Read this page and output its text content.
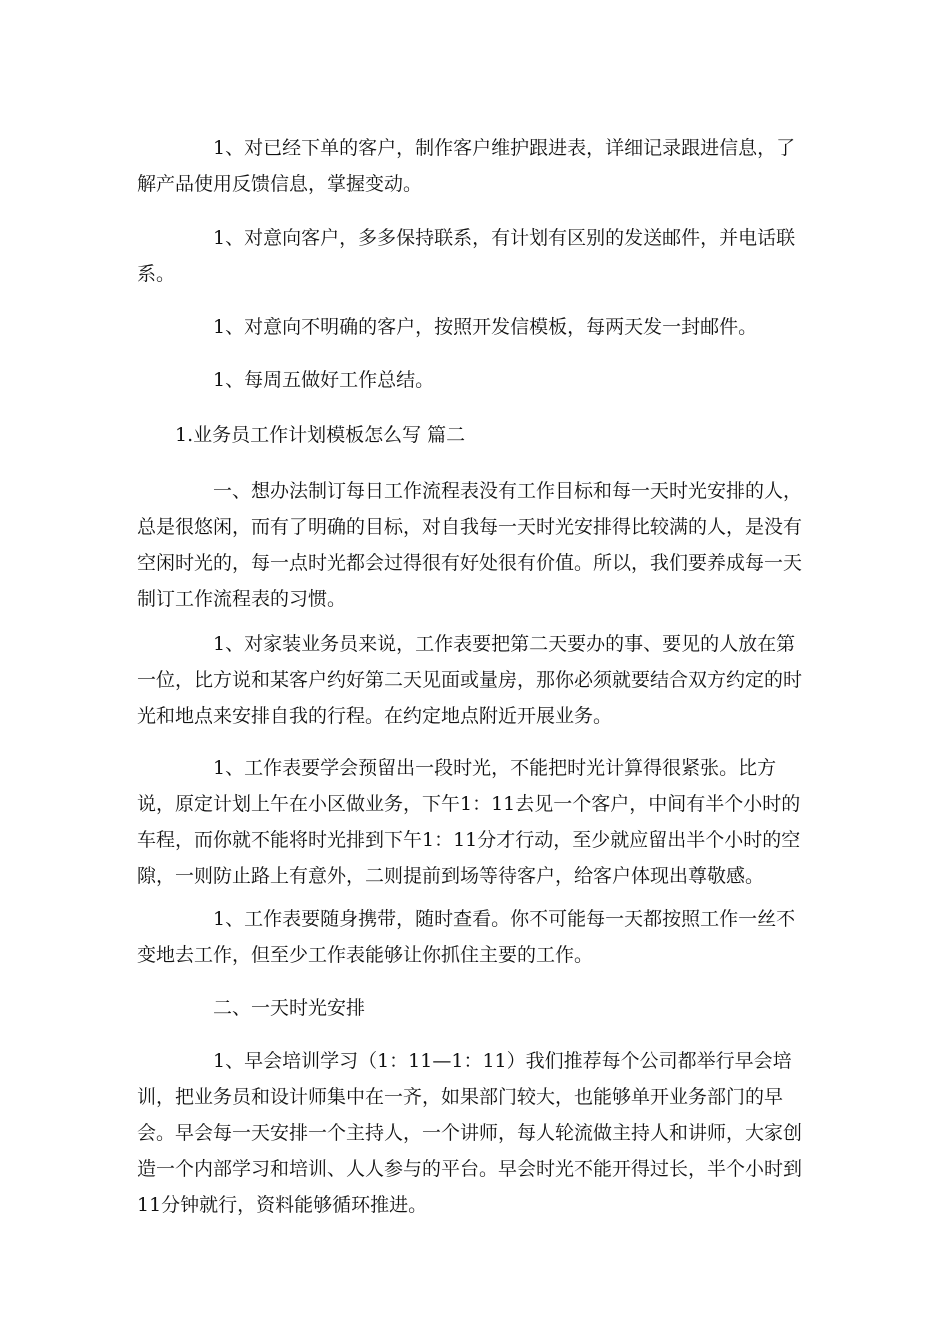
1、对已经下单的客户，制作客户维护跟进表，详细记录跟进信息，了解产品使用反馈信息，掌握变动。

1、对意向客户，多多保持联系，有计划有区别的发送邮件，并电话联系。

1、对意向不明确的客户，按照开发信模板，每两天发一封邮件。

1、每周五做好工作总结。

1.业务员工作计划模板怎么写 篇二

一、想办法制订每日工作流程表没有工作目标和每一天时光安排的人，总是很悠闲，而有了明确的目标，对自我每一天时光安排得比较满的人，是没有空闲时光的，每一点时光都会过得很有好处很有价值。所以，我们要养成每一天制订工作流程表的习惯。

1、对家装业务员来说，工作表要把第二天要办的事、要见的人放在第一位，比方说和某客户约好第二天见面或量房，那你必须就要结合双方约定的时光和地点来安排自我的行程。在约定地点附近开展业务。

1、工作表要学会预留出一段时光，不能把时光计算得很紧张。比方说，原定计划上午在小区做业务，下午1：11去见一个客户，中间有半个小时的车程，而你就不能将时光排到下午1：11分才行动，至少就应留出半个小时的空隙，一则防止路上有意外，二则提前到场等待客户，给客户体现出尊敬感。

1、工作表要随身携带，随时查看。你不可能每一天都按照工作一丝不变地去工作，但至少工作表能够让你抓住主要的工作。

二、一天时光安排

1、早会培训学习（1：11—1：11）我们推荐每个公司都举行早会培训，把业务员和设计师集中在一齐，如果部门较大，也能够单开业务部门的早会。早会每一天安排一个主持人，一个讲师，每人轮流做主持人和讲师，大家创造一个内部学习和培训、人人参与的平台。早会时光不能开得过长，半个小时到11分钟就行，资料能够循环推进。
